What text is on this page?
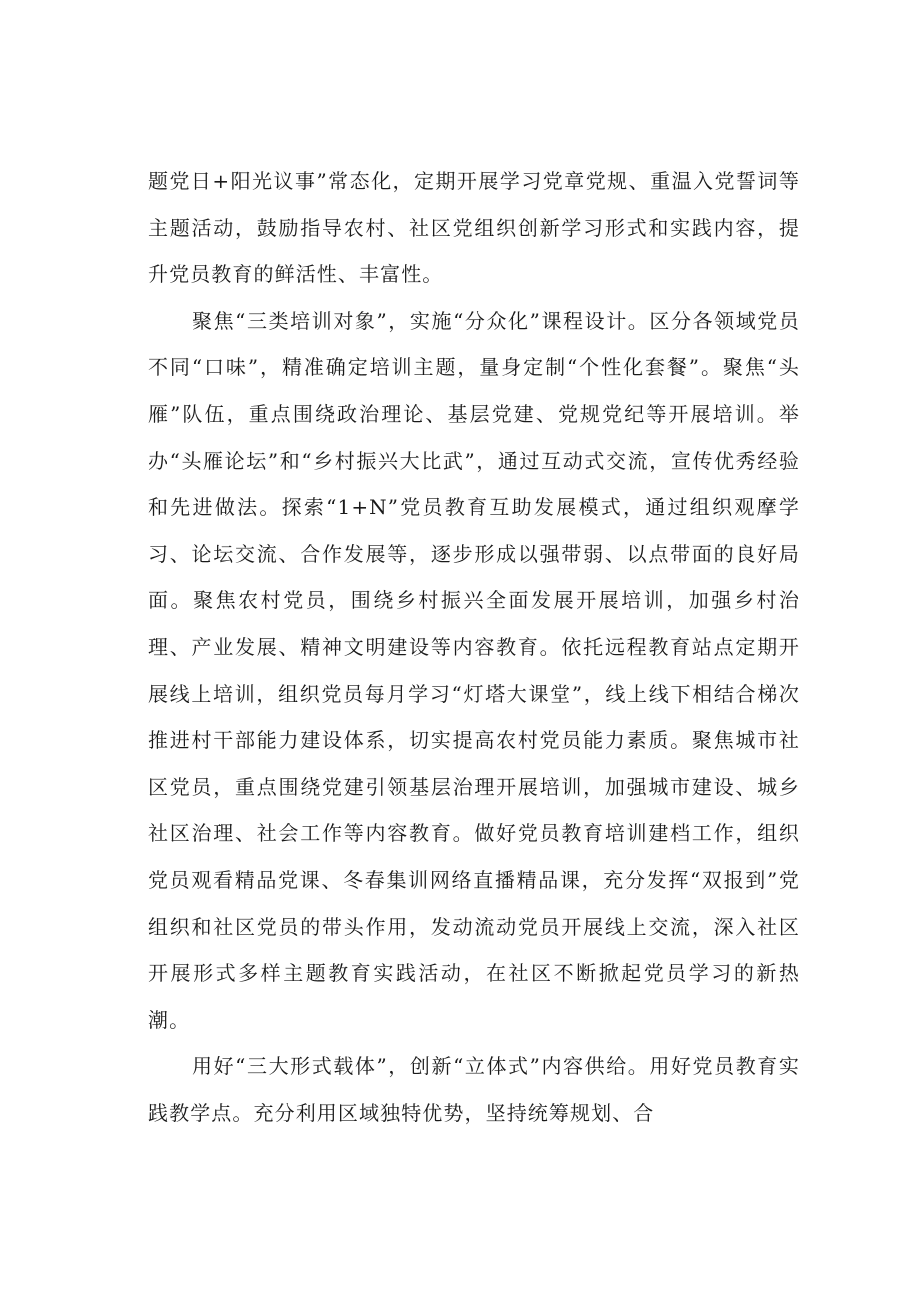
题党日+阳光议事”常态化，定期开展学习党章党规、重温入党誓词等主题活动，鼓励指导农村、社区党组织创新学习形式和实践内容，提升党员教育的鲜活性、丰富性。

聚焦“三类培训对象”，实施“分众化”课程设计。区分各领域党员不同“口味”，精准确定培训主题，量身定制“个性化套餐”。聚焦“头雁”队伍，重点围绕政治理论、基层党建、党规党纪等开展培训。举办“头雁论坛”和“乡村振兴大比武”，通过互动式交流，宣传优秀经验和先进做法。探索“1+N”党员教育互助发展模式，通过组织观摩学习、论坛交流、合作发展等，逐步形成以强带弱、以点带面的良好局面。聚焦农村党员，围绕乡村振兴全面发展开展培训，加强乡村治理、产业发展、精神文明建设等内容教育。依托远程教育站点定期开展线上培训，组织党员每月学习“灯塔大课堂”，线上线下相结合梯次推进村干部能力建设体系，切实提高农村党员能力素质。聚焦城市社区党员，重点围绕党建引领基层治理开展培训，加强城市建设、城乡社区治理、社会工作等内容教育。做好党员教育培训建档工作，组织党员观看精品党课、冬春集训网络直播精品课，充分发挥“双报到”党组织和社区党员的带头作用，发动流动党员开展线上交流，深入社区开展形式多样主题教育实践活动，在社区不断掀起党员学习的新热潮。

用好“三大形式载体”，创新“立体式”内容供给。用好党员教育实践教学点。充分利用区域独特优势，坚持统筹规划、合
